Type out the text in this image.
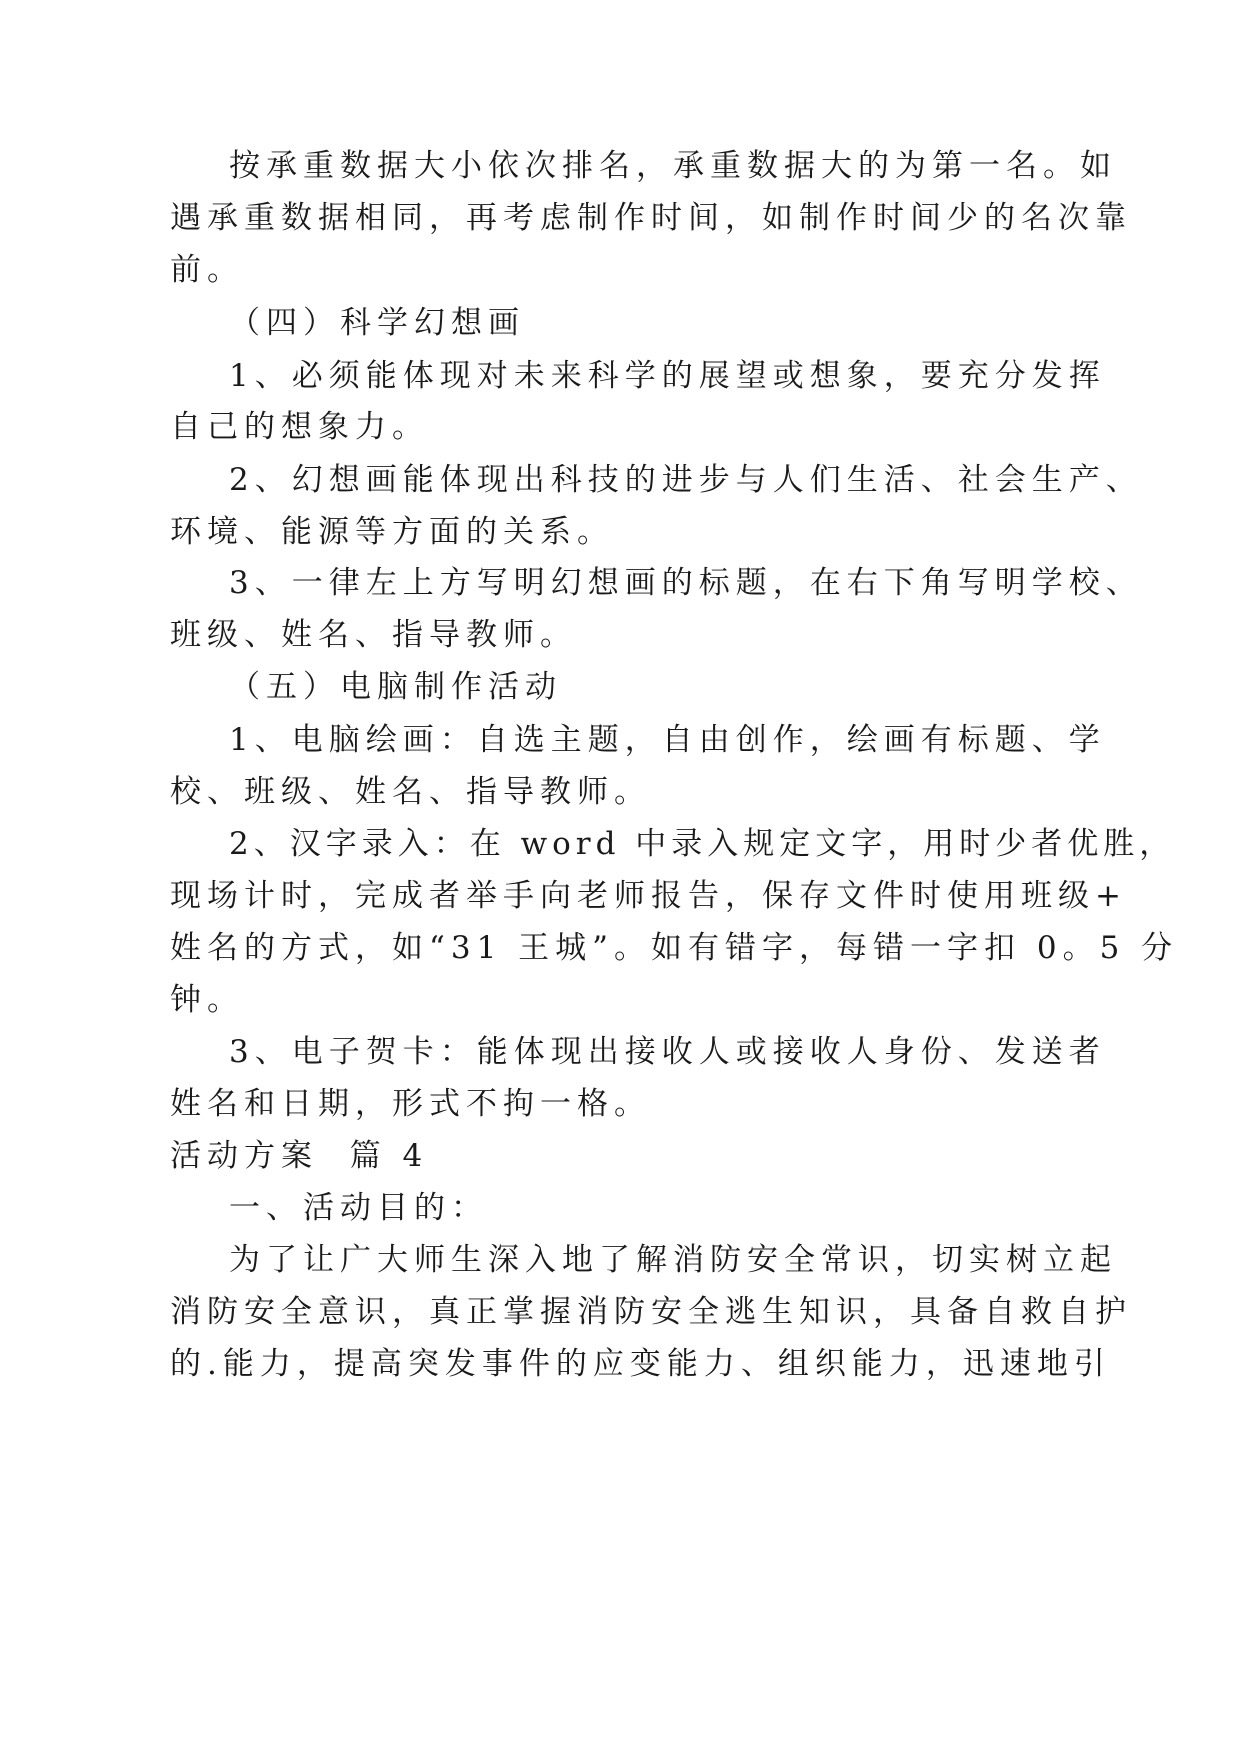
按承重数据大小依次排名，承重数据大的为第一名。如
遇承重数据相同，再考虑制作时间，如制作时间少的名次靠
前。
（四）科学幻想画
1、必须能体现对未来科学的展望或想象，要充分发挥
自己的想象力。
2、幻想画能体现出科技的进步与人们生活、社会生产、
环境、能源等方面的关系。
3、一律左上方写明幻想画的标题，在右下角写明学校、
班级、姓名、指导教师。
（五）电脑制作活动
1、电脑绘画：自选主题，自由创作，绘画有标题、学
校、班级、姓名、指导教师。
2、汉字录入：在 word 中录入规定文字，用时少者优胜，
现场计时，完成者举手向老师报告，保存文件时使用班级+
姓名的方式，如“31 王城”。如有错字，每错一字扣 0。5 分
钟。
3、电子贺卡：能体现出接收人或接收人身份、发送者
姓名和日期，形式不拘一格。
活动方案  篇 4
一、活动目的：
为了让广大师生深入地了解消防安全常识，切实树立起
消防安全意识，真正掌握消防安全逃生知识，具备自救自护
的.能力，提高突发事件的应变能力、组织能力，迅速地引
